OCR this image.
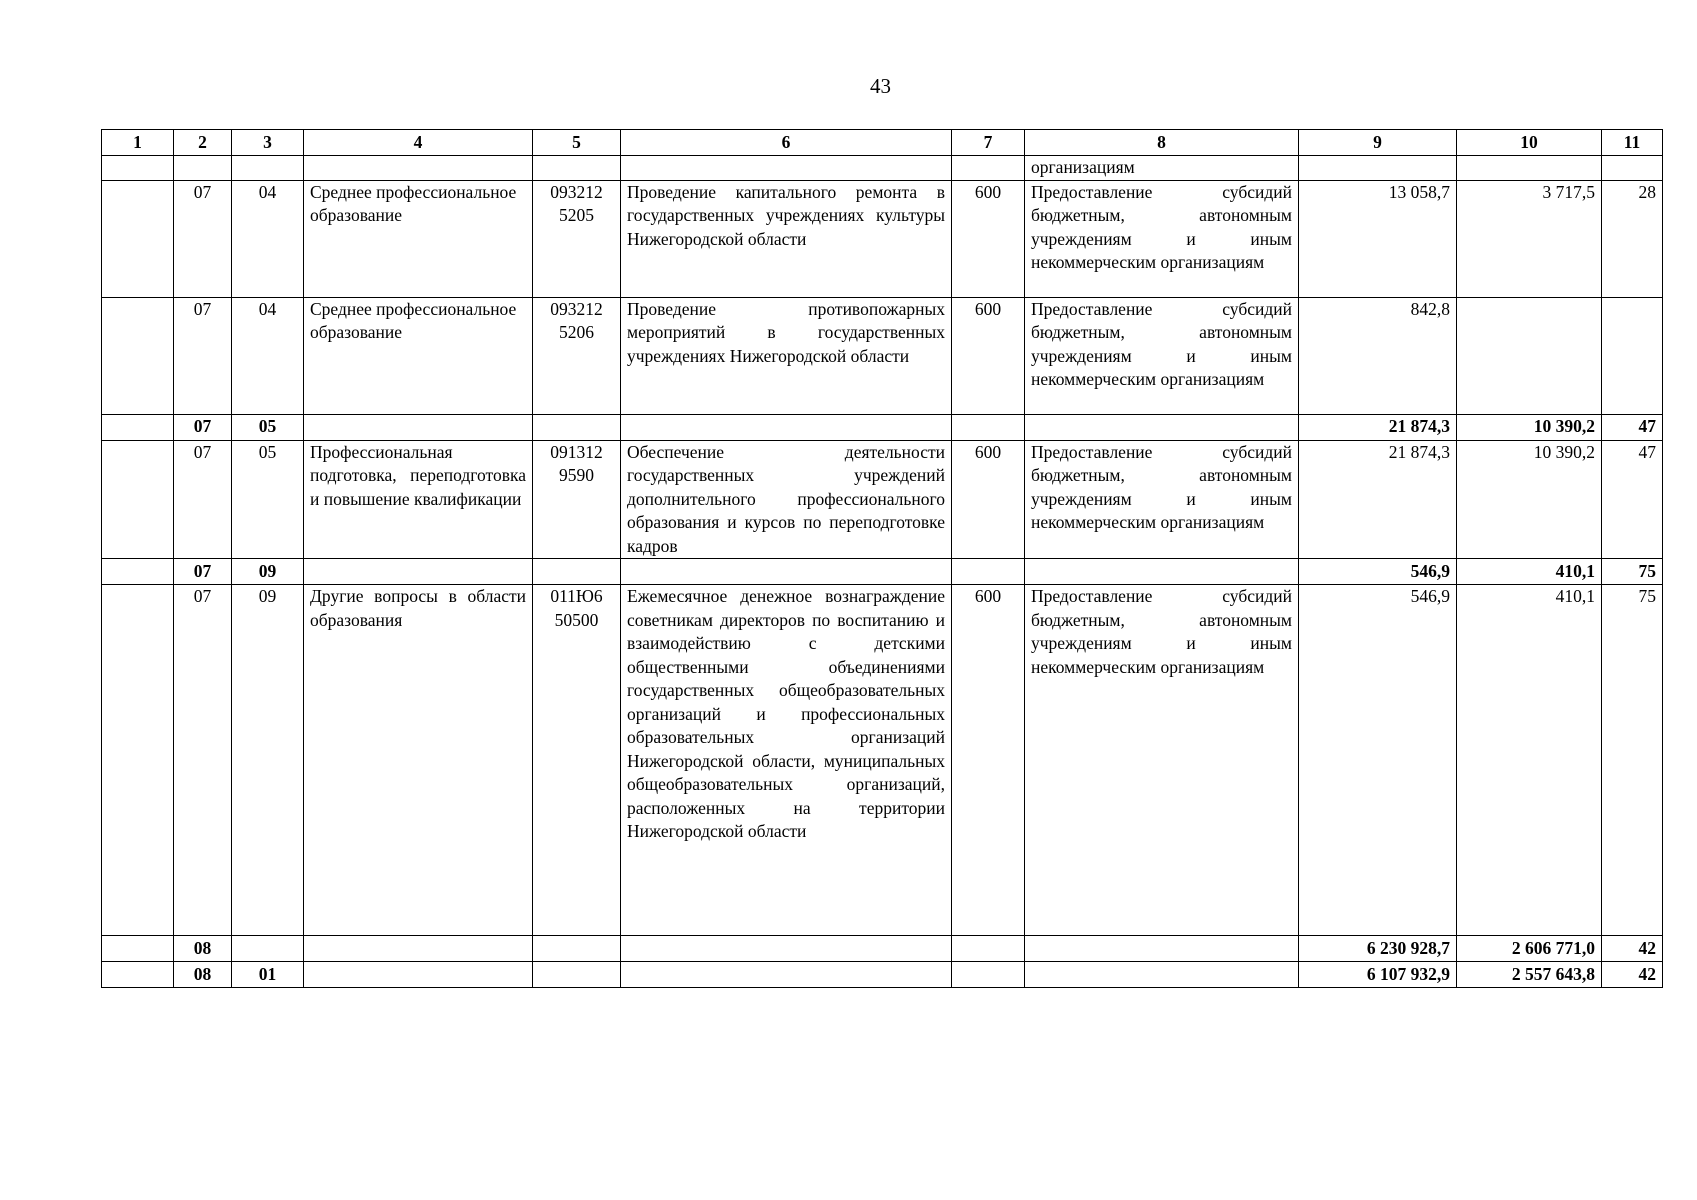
43
1	2	3	4	5	6	7	8	9	10	11
							организациям			
	07	04	Среднее профессиональное образование	093212 5205	Проведение капитального ремонта в государственных учреждениях культуры Нижегородской области	600	Предоставление субсидий бюджетным, автономным учреждениям и иным некоммерческим организациям	13 058,7	3 717,5	28
	07	04	Среднее профессиональное образование	093212 5206	Проведение противопожарных мероприятий в государственных учреждениях Нижегородской области	600	Предоставление субсидий бюджетным, автономным учреждениям и иным некоммерческим организациям	842,8		
	07	05						21 874,3	10 390,2	47
	07	05	Профессиональная подготовка, переподготовка и повышение квалификации	091312 9590	Обеспечение деятельности государственных учреждений дополнительного профессионального образования и курсов по переподготовке кадров	600	Предоставление субсидий бюджетным, автономным учреждениям и иным некоммерческим организациям	21 874,3	10 390,2	47
	07	09						546,9	410,1	75
	07	09	Другие вопросы в области образования	011Ю6 50500	Ежемесячное денежное вознаграждение советникам директоров по воспитанию и взаимодействию с детскими общественными объединениями государственных общеобразовательных организаций и профессиональных образовательных организаций Нижегородской области, муниципальных общеобразовательных организаций, расположенных на территории Нижегородской области	600	Предоставление субсидий бюджетным, автономным учреждениям и иным некоммерческим организациям	546,9	410,1	75
	08							6 230 928,7	2 606 771,0	42
	08	01						6 107 932,9	2 557 643,8	42
